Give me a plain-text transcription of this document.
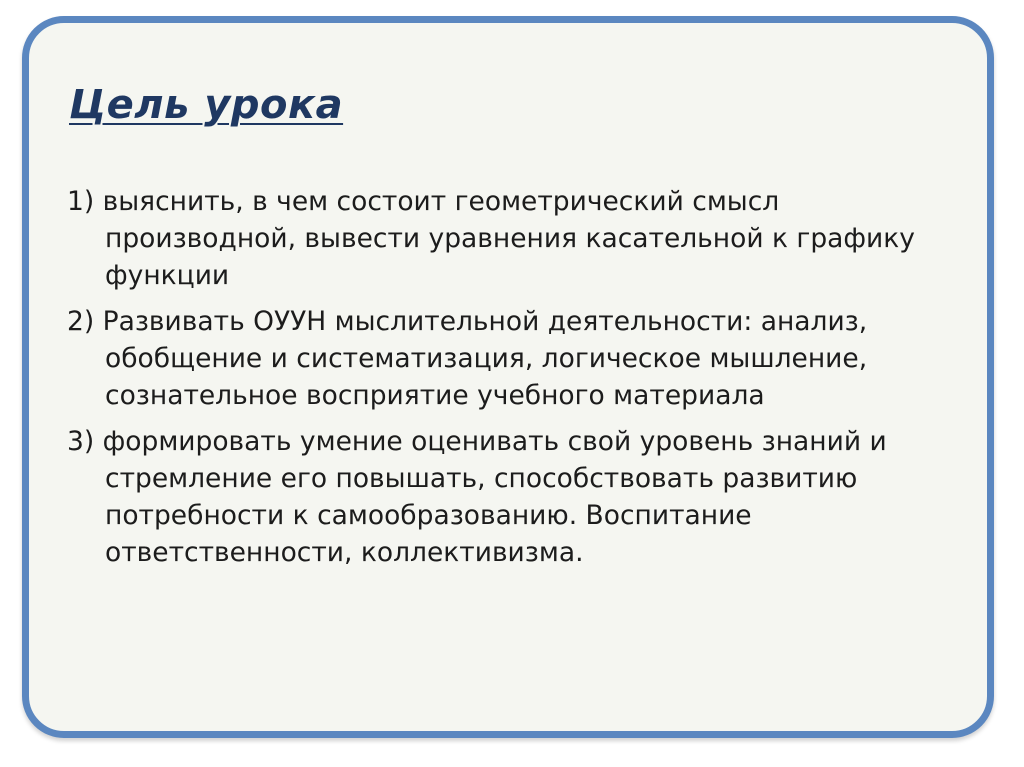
Цель урока
1) выяснить, в чем состоит геометрический смысл производной, вывести уравнения касательной к графику функции
2) Развивать ОУУН мыслительной деятельности: анализ, обобщение и систематизация, логическое мышление, сознательное восприятие учебного материала
3) формировать умение оценивать свой уровень знаний и стремление его повышать, способствовать развитию потребности к самообразованию. Воспитание ответственности, коллективизма.
